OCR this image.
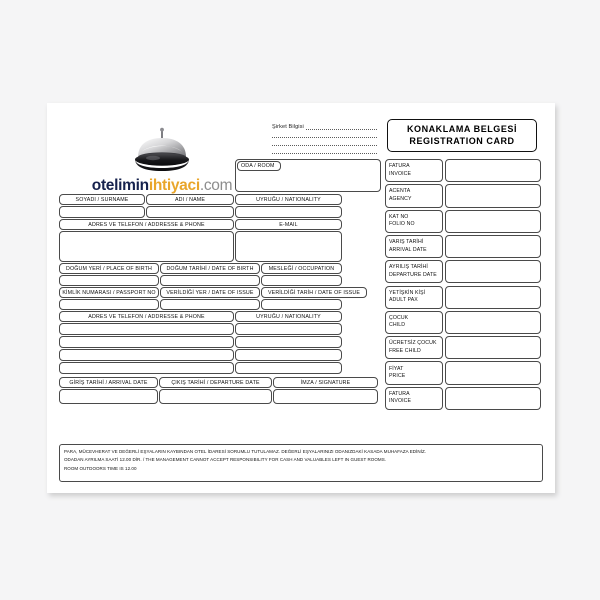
oteliminihtiyaci.com
Şirket Bilgisi	KONAKLAMA BELGESİ
REGISTRATION CARD
ODA / ROOM
SOYADI / SURNAME	ADI / NAME	UYRUĞU / NATIONALITY
ADRES VE TELEFON / ADDRESSE & PHONE	E-MAIL
DOĞUM YERİ / PLACE OF BIRTH	DOĞUM TARİHİ / DATE OF BIRTH	MESLEĞİ / OCCUPATION
KİMLİK NUMARASI / PASSPORT NO	VERİLDİĞİ YER / DATE OF ISSUE	VERİLDİĞİ TARİH / DATE OF ISSUE
ADRES VE TELEFON / ADDRESSE & PHONE	UYRUĞU / NATIONALITY
GİRİŞ TARİHİ / ARRIVAL DATE	ÇIKIŞ TARİHİ / DEPARTURE DATE	İMZA / SIGNATURE
FATURA
INVOICE
ACENTA
AGENCY
KAT NO
FOLIO NO
VARIŞ TARİHİ
ARRIVAL DATE
AYRILIŞ TARİHİ
DEPARTURE DATE
YETİŞKİN KİŞİ
ADULT PAX
ÇOCUK
CHILD
ÜCRETSİZ ÇOCUK
FREE CHILD
FİYAT
PRICE
FATURA
INVOICE

PARA, MÜCEVHERAT VE DEĞERLİ EŞYALARIN KAYBINDAN OTEL İDARESİ SORUMLU TUTULAMAZ. DEĞERLİ EŞYALARINIZI ODANIZDAKİ KASADA MUHAFAZA EDİNİZ.

ODADAN AYRILMA SAATİ 12.00 DİR. / THE MANAGEMENT CANNOT ACCEPT RESPONSIBILITY FOR CASH AND VALUABLES LEFT IN GUEST ROOMS.

ROOM OUTDOORS TIME IS 12.00
